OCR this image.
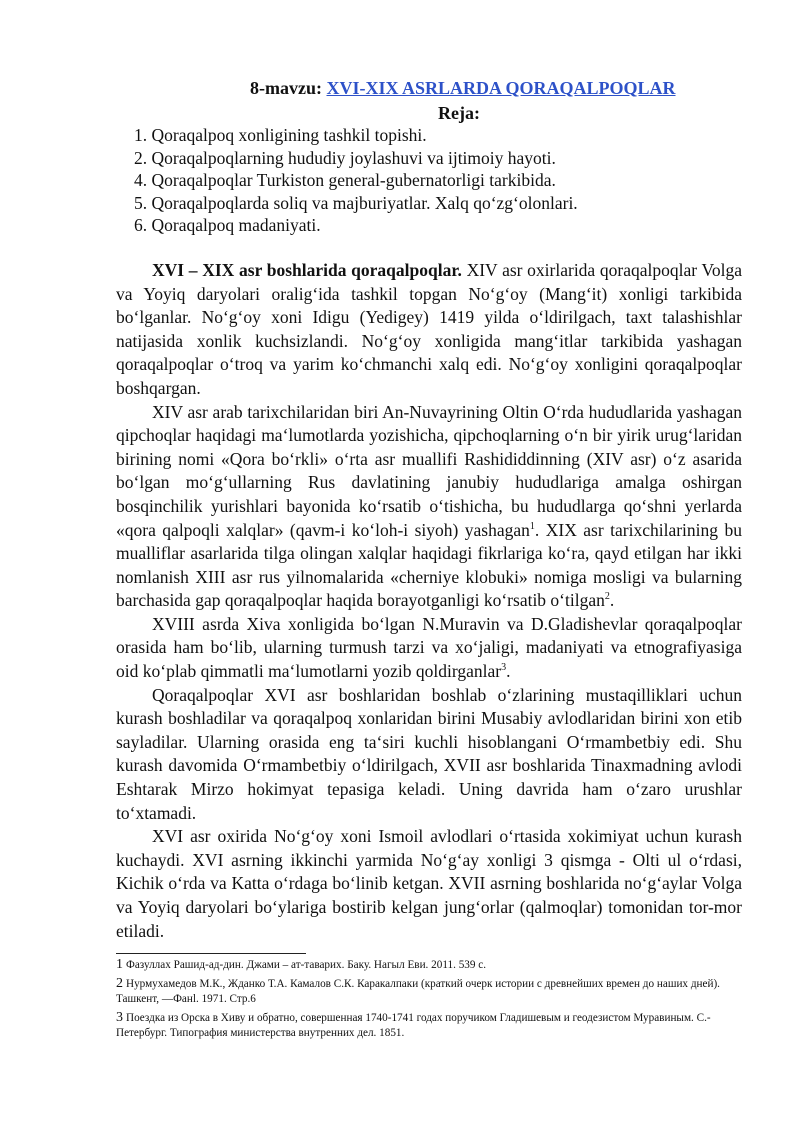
8-mavzu: XVI-XIX ASRLARDA QORAQALPOQLAR
Reja:
1. Qoraqalpoq xonligining tashkil topishi.
2. Qoraqalpoqlarning hududiy joylashuvi va ijtimoiy hayoti.
4. Qoraqalpoqlar Turkiston general-gubernatorligi tarkibida.
5. Qoraqalpoqlarda soliq va majburiyatlar. Xalq qo‘zg‘olonlari.
6. Qoraqalpoq madaniyati.

XVI – XIX asr boshlarida qoraqalpoqlar. XIV asr oxirlarida qoraqalpoqlar Volga va Yoyiq daryolari oralig‘ida tashkil topgan No‘g‘oy (Mang‘it) xonligi tarkibida bo‘lganlar. No‘g‘oy xoni Idigu (Yedigey) 1419 yilda o‘ldirilgach, taxt talashishlar natijasida xonlik kuchsizlandi. No‘g‘oy xonligida mang‘itlar tarkibida yashagan qoraqalpoqlar o‘troq va yarim ko‘chmanchi xalq edi. No‘g‘oy xonligini qoraqalpoqlar boshqargan.

XIV asr arab tarixchilaridan biri An-Nuvayrining Oltin O‘rda hududlarida yashagan qipchoqlar haqidagi ma‘lumotlarda yozishicha, qipchoqlarning o‘n bir yirik urug‘laridan birining nomi «Qora bo‘rkli» o‘rta asr muallifi Rashididdinning (XIV asr) o‘z asarida bo‘lgan mo‘g‘ullarning Rus davlatining janubiy hududlariga amalga oshirgan bosqinchilik yurishlari bayonida ko‘rsatib o‘tishicha, bu hududlarga qo‘shni yerlarda «qora qalpoqli xalqlar» (qavm-i ko‘loh-i siyoh) yashagan$^1$. XIX asr tarixchilarining bu mualliflar asarlarida tilga olingan xalqlar haqidagi fikrlariga ko‘ra, qayd etilgan har ikki nomlanish XIII asr rus yilnomalarida «cherniye klobuki» nomiga mosligi va bularning barchasida gap qoraqalpoqlar haqida borayotganligi ko‘rsatib o‘tilgan$^2$.

XVIII asrda Xiva xonligida bo‘lgan N.Muravin va D.Gladishevlar qoraqalpoqlar orasida ham bo‘lib, ularning turmush tarzi va xo‘jaligi, madaniyati va etnografiyasiga oid ko‘plab qimmatli ma‘lumotlarni yozib qoldirganlar$^3$.

Qoraqalpoqlar XVI asr boshlaridan boshlab o‘zlarining mustaqilliklari uchun kurash boshladilar va qoraqalpoq xonlaridan birini Musabiy avlodlaridan birini xon etib sayladilar. Ularning orasida eng ta‘siri kuchli hisoblangani O‘rmambetbiy edi. Shu kurash davomida O‘rmambetbiy o‘ldirilgach, XVII asr boshlarida Tinaxmadning avlodi Eshtarak Mirzo hokimyat tepasiga keladi. Uning davrida ham o‘zaro urushlar to‘xtamadi.

XVI asr oxirida No‘g‘oy xoni Ismoil avlodlari o‘rtasida xokimiyat uchun kurash kuchaydi. XVI asrning ikkinchi yarmida No‘g‘ay xonligi 3 qismga - Olti ul o‘rdasi, Kichik o‘rda va Katta o‘rdaga bo‘linib ketgan. XVII asrning boshlarida no‘g‘aylar Volga va Yoyiq daryolari bo‘ylariga bostirib kelgan jung‘orlar (qalmoqlar) tomonidan tor-mor etiladi.

1 Фазуллах Рашид-ад-дин. Джами – ат-таварих. Баку. Нагыл Еви. 2011. 539 с.

2 Нурмухамедов М.К., Жданко Т.А. Камалов С.К. Каракалпаки (краткий очерк истории с древнейших времен до наших дней). Ташкент, —Фанl. 1971. Стр.6

3 Поездка из Орска в Хиву и обратно, совершенная 1740-1741 годах поручиком Гладишевым и геодезистом Муравиным. С.-Петербург. Типография министерства внутренних дел. 1851.
